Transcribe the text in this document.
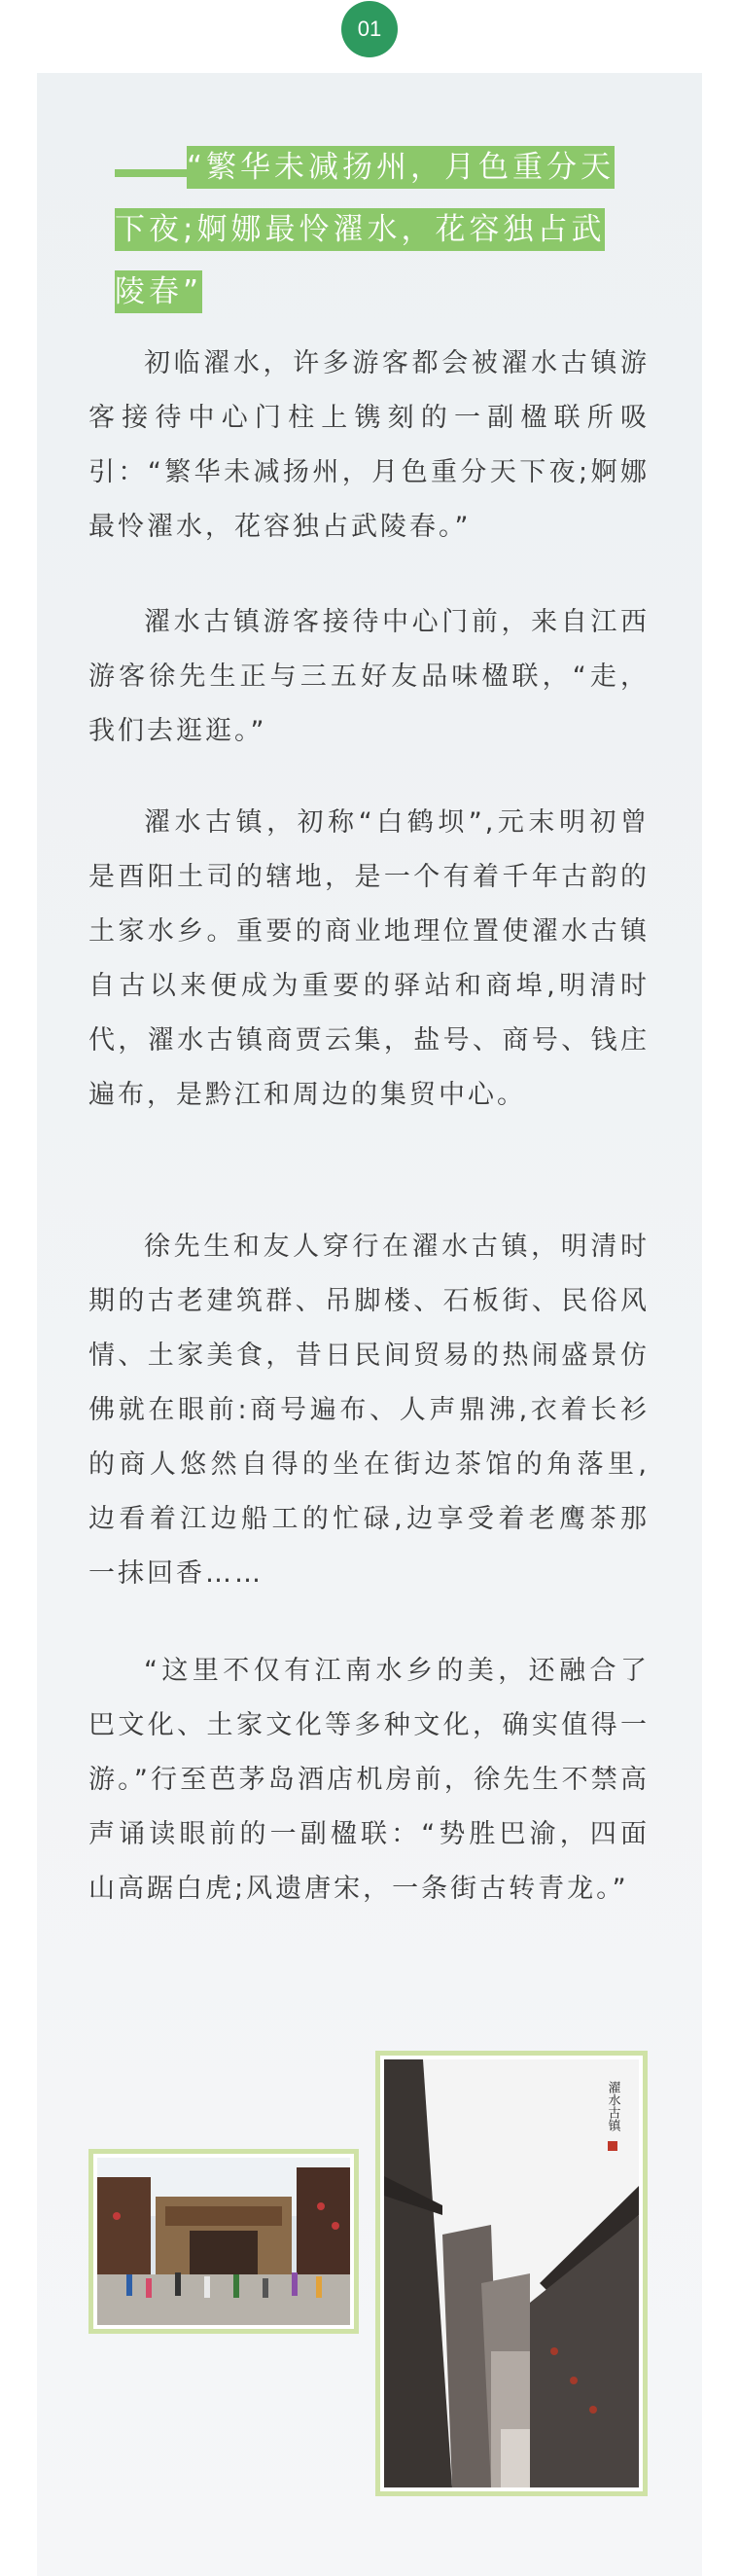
01
“繁华未减扬州，月色重分天下夜;婀娜最怜濯水，花容独占武陵春”

初临濯水，许多游客都会被濯水古镇游客接待中心门柱上镌刻的一副楹联所吸引：“繁华未减扬州，月色重分天下夜;婀娜最怜濯水，花容独占武陵春。”

濯水古镇游客接待中心门前，来自江西游客徐先生正与三五好友品味楹联，“走，我们去逛逛。”

濯水古镇，初称“白鹤坝”,元末明初曾是酉阳土司的辖地，是一个有着千年古韵的土家水乡。重要的商业地理位置使濯水古镇自古以来便成为重要的驿站和商埠,明清时代，濯水古镇商贾云集，盐号、商号、钱庄遍布，是黔江和周边的集贸中心。

徐先生和友人穿行在濯水古镇，明清时期的古老建筑群、吊脚楼、石板街、民俗风情、土家美食，昔日民间贸易的热闹盛景仿佛就在眼前:商号遍布、人声鼎沸,衣着长衫的商人悠然自得的坐在街边茶馆的角落里,边看着江边船工的忙碌,边享受着老鹰茶那一抹回香……

“这里不仅有江南水乡的美，还融合了巴文化、土家文化等多种文化，确实值得一游。”行至芭茅岛酒店机房前，徐先生不禁高声诵读眼前的一副楹联：“势胜巴渝，四面山高踞白虎;风遗唐宋，一条街古转青龙。”

濯水古镇
